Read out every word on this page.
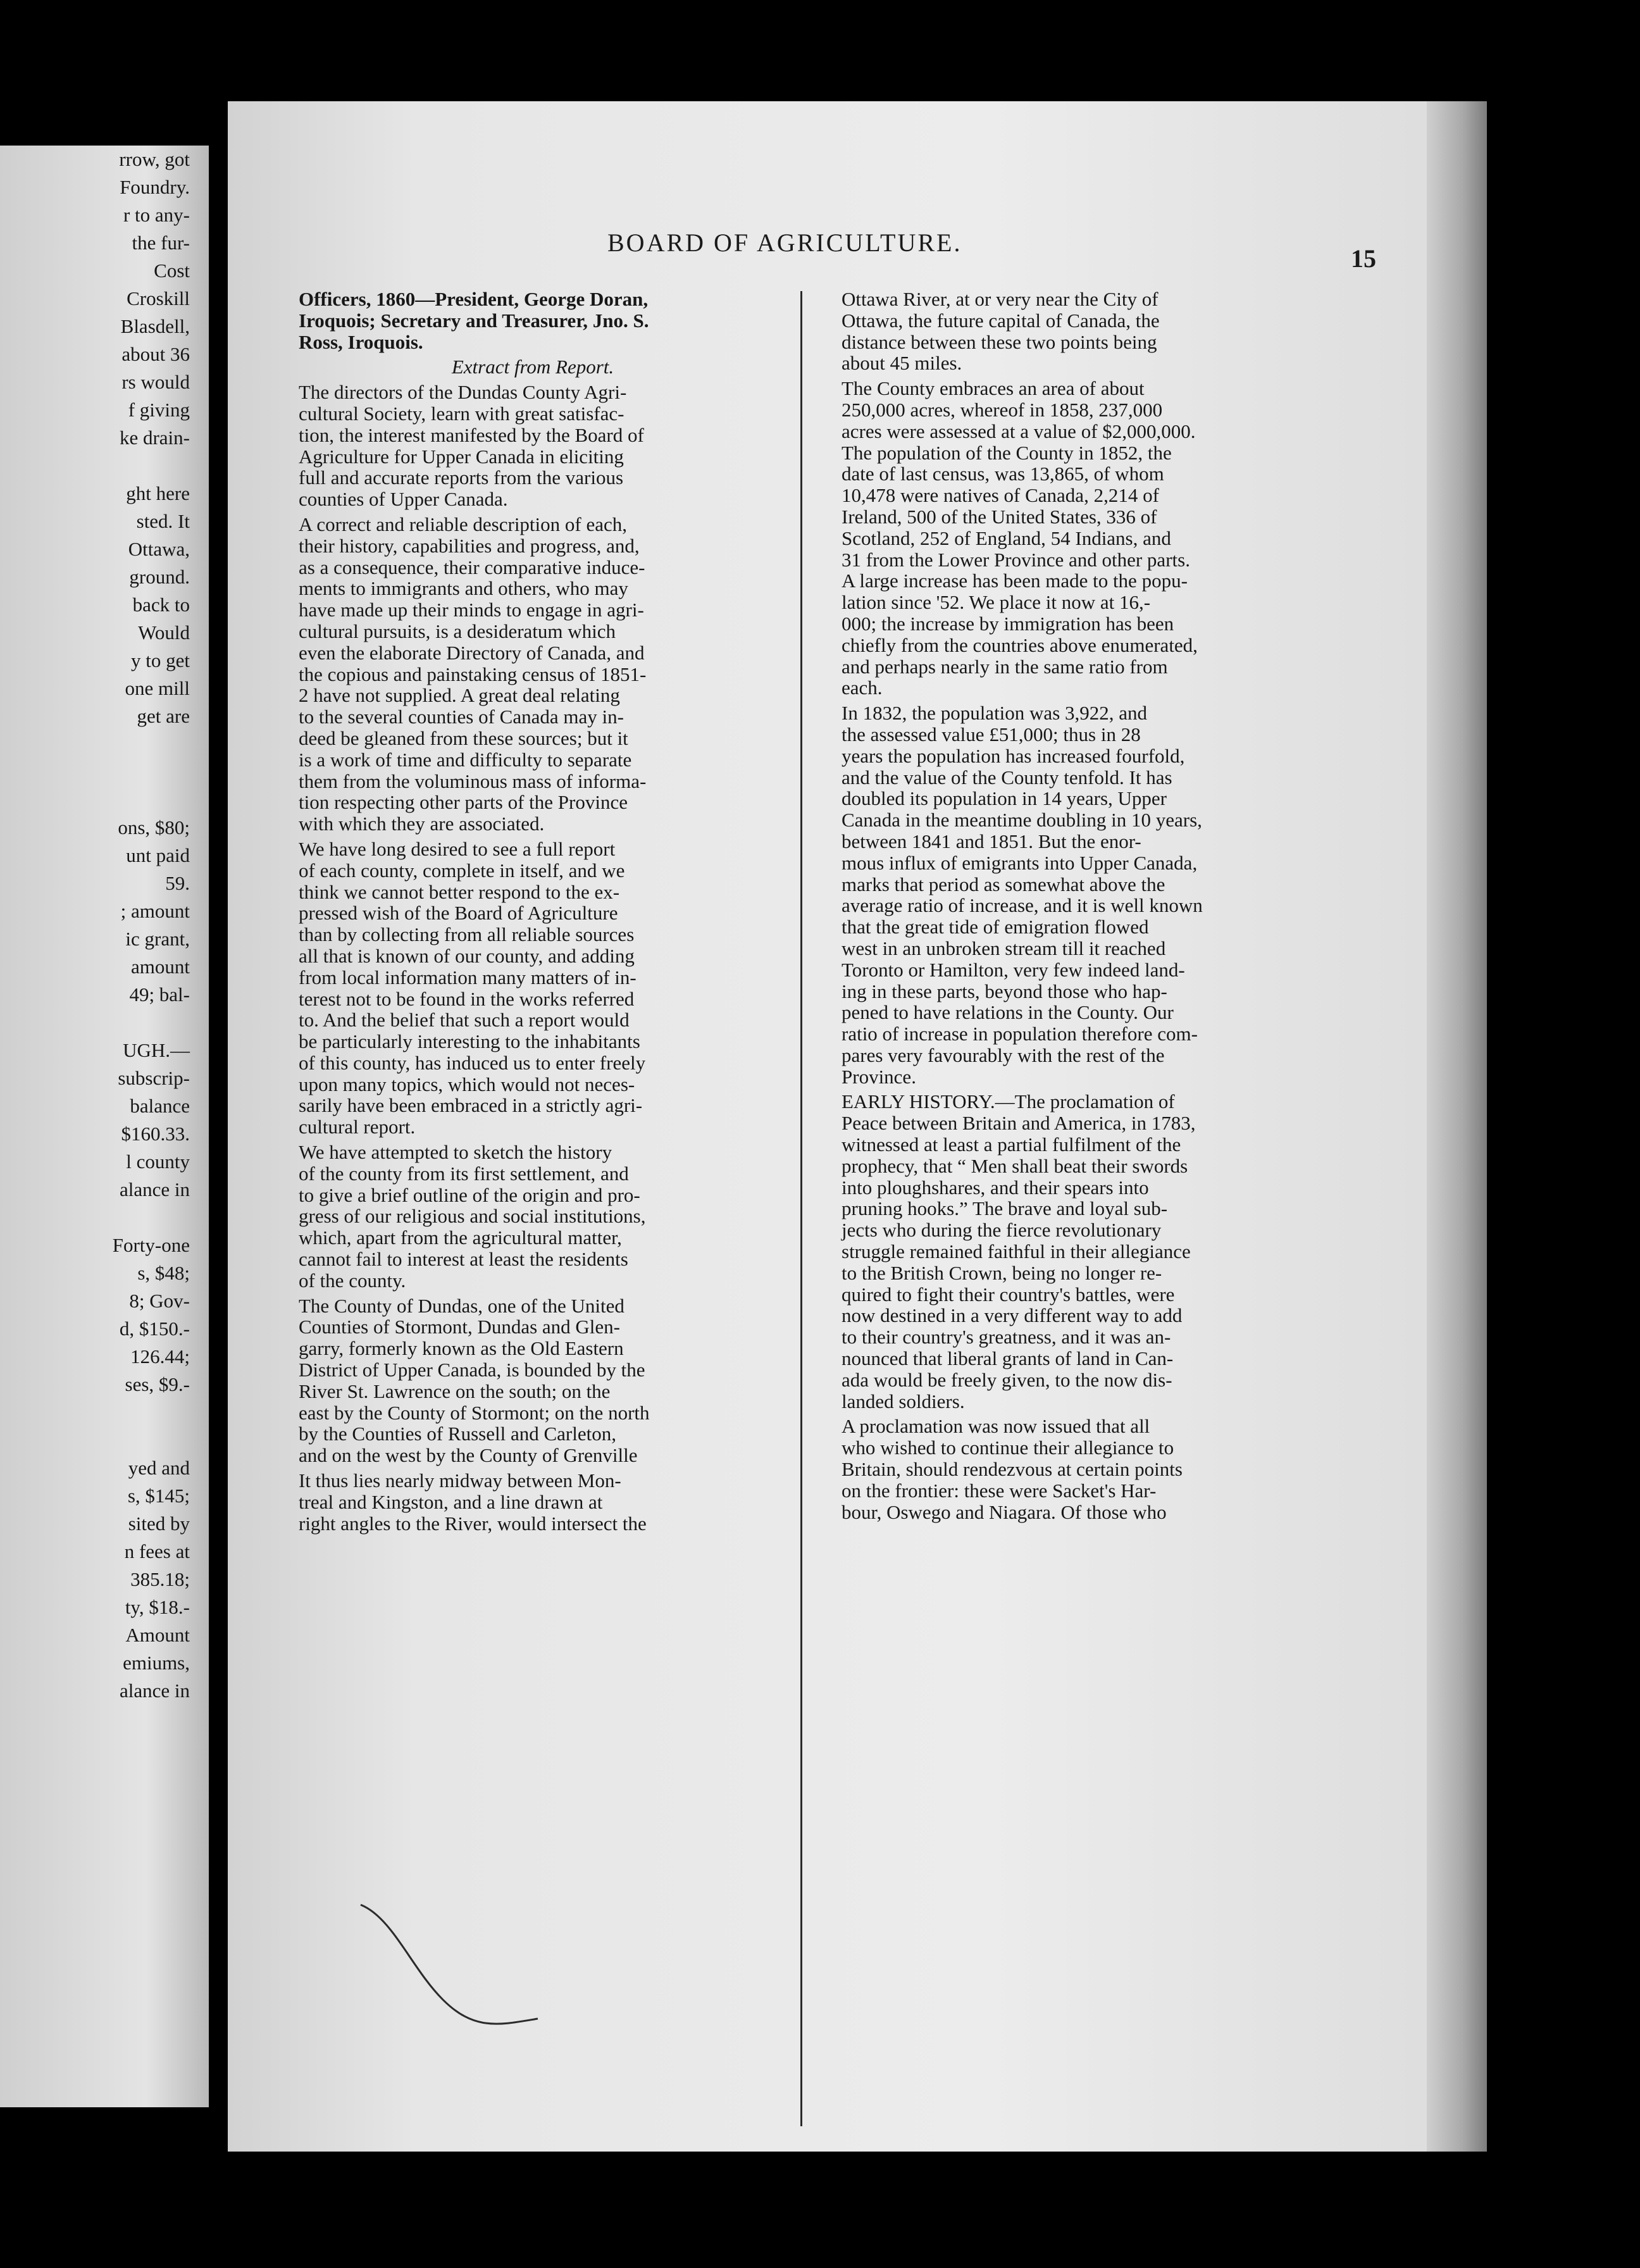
rrow, got
Foundry.
r to any-
the fur-
Cost
Croskill
Blasdell,
about 36
rs would
f giving
ke drain-
ght here
sted. It
Ottawa,
ground.
back to
Would
y to get
one mill
get are
ons, $80;
unt paid
59.
; amount
ic grant,
amount
49; bal-
UGH.—
subscrip-
balance
$160.33.
l county
alance in
Forty-one
s, $48;
8; Gov-
d, $150.-
126.44;
ses, $9.-
yed and
s, $145;
sited by
n fees at
385.18;
ty, $18.-
Amount
emiums,
alance in
BOARD OF AGRICULTURE.
15
Officers, 1860—President, George Doran,
Iroquois; Secretary and Treasurer, Jno. S.
Ross, Iroquois.
Extract from Report.
The directors of the Dundas County Agri-
cultural Society, learn with great satisfac-
tion, the interest manifested by the Board of
Agriculture for Upper Canada in eliciting
full and accurate reports from the various
counties of Upper Canada.
A correct and reliable description of each,
their history, capabilities and progress, and,
as a consequence, their comparative induce-
ments to immigrants and others, who may
have made up their minds to engage in agri-
cultural pursuits, is a desideratum which
even the elaborate Directory of Canada, and
the copious and painstaking census of 1851-
2 have not supplied. A great deal relating
to the several counties of Canada may in-
deed be gleaned from these sources; but it
is a work of time and difficulty to separate
them from the voluminous mass of informa-
tion respecting other parts of the Province
with which they are associated.
We have long desired to see a full report
of each county, complete in itself, and we
think we cannot better respond to the ex-
pressed wish of the Board of Agriculture
than by collecting from all reliable sources
all that is known of our county, and adding
from local information many matters of in-
terest not to be found in the works referred
to. And the belief that such a report would
be particularly interesting to the inhabitants
of this county, has induced us to enter freely
upon many topics, which would not neces-
sarily have been embraced in a strictly agri-
cultural report.
We have attempted to sketch the history
of the county from its first settlement, and
to give a brief outline of the origin and pro-
gress of our religious and social institutions,
which, apart from the agricultural matter,
cannot fail to interest at least the residents
of the county.
The County of Dundas, one of the United
Counties of Stormont, Dundas and Glen-
garry, formerly known as the Old Eastern
District of Upper Canada, is bounded by the
River St. Lawrence on the south; on the
east by the County of Stormont; on the north
by the Counties of Russell and Carleton,
and on the west by the County of Grenville
It thus lies nearly midway between Mon-
treal and Kingston, and a line drawn at
right angles to the River, would intersect the
Ottawa River, at or very near the City of
Ottawa, the future capital of Canada, the
distance between these two points being
about 45 miles.
The County embraces an area of about
250,000 acres, whereof in 1858, 237,000
acres were assessed at a value of $2,000,000.
The population of the County in 1852, the
date of last census, was 13,865, of whom
10,478 were natives of Canada, 2,214 of
Ireland, 500 of the United States, 336 of
Scotland, 252 of England, 54 Indians, and
31 from the Lower Province and other parts.
A large increase has been made to the popu-
lation since '52. We place it now at 16,-
000; the increase by immigration has been
chiefly from the countries above enumerated,
and perhaps nearly in the same ratio from
each.
In 1832, the population was 3,922, and
the assessed value £51,000; thus in 28
years the population has increased fourfold,
and the value of the County tenfold. It has
doubled its population in 14 years, Upper
Canada in the meantime doubling in 10 years,
between 1841 and 1851. But the enor-
mous influx of emigrants into Upper Canada,
marks that period as somewhat above the
average ratio of increase, and it is well known
that the great tide of emigration flowed
west in an unbroken stream till it reached
Toronto or Hamilton, very few indeed land-
ing in these parts, beyond those who hap-
pened to have relations in the County. Our
ratio of increase in population therefore com-
pares very favourably with the rest of the
Province.
EARLY HISTORY.—The proclamation of
Peace between Britain and America, in 1783,
witnessed at least a partial fulfilment of the
prophecy, that “ Men shall beat their swords
into ploughshares, and their spears into
pruning hooks.” The brave and loyal sub-
jects who during the fierce revolutionary
struggle remained faithful in their allegiance
to the British Crown, being no longer re-
quired to fight their country's battles, were
now destined in a very different way to add
to their country's greatness, and it was an-
nounced that liberal grants of land in Can-
ada would be freely given, to the now dis-
landed soldiers.
A proclamation was now issued that all
who wished to continue their allegiance to
Britain, should rendezvous at certain points
on the frontier: these were Sacket's Har-
bour, Oswego and Niagara. Of those who
